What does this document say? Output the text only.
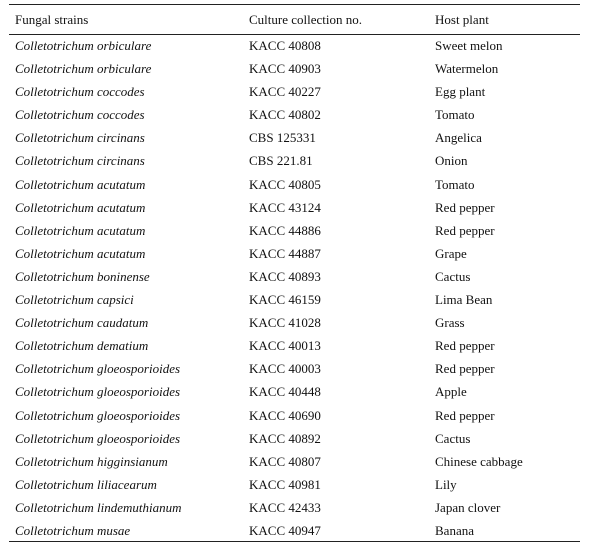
Fungal strains	Culture collection no.	Host plant
Colletotrichum orbiculare	KACC 40808	Sweet melon
Colletotrichum orbiculare	KACC 40903	Watermelon
Colletotrichum coccodes	KACC 40227	Egg plant
Colletotrichum coccodes	KACC 40802	Tomato
Colletotrichum circinans	CBS 125331	Angelica
Colletotrichum circinans	CBS 221.81	Onion
Colletotrichum acutatum	KACC 40805	Tomato
Colletotrichum acutatum	KACC 43124	Red pepper
Colletotrichum acutatum	KACC 44886	Red pepper
Colletotrichum acutatum	KACC 44887	Grape
Colletotrichum boninense	KACC 40893	Cactus
Colletotrichum capsici	KACC 46159	Lima Bean
Colletotrichum caudatum	KACC 41028	Grass
Colletotrichum dematium	KACC 40013	Red pepper
Colletotrichum gloeosporioides	KACC 40003	Red pepper
Colletotrichum gloeosporioides	KACC 40448	Apple
Colletotrichum gloeosporioides	KACC 40690	Red pepper
Colletotrichum gloeosporioides	KACC 40892	Cactus
Colletotrichum higginsianum	KACC 40807	Chinese cabbage
Colletotrichum liliacearum	KACC 40981	Lily
Colletotrichum lindemuthianum	KACC 42433	Japan clover
Colletotrichum musae	KACC 40947	Banana
